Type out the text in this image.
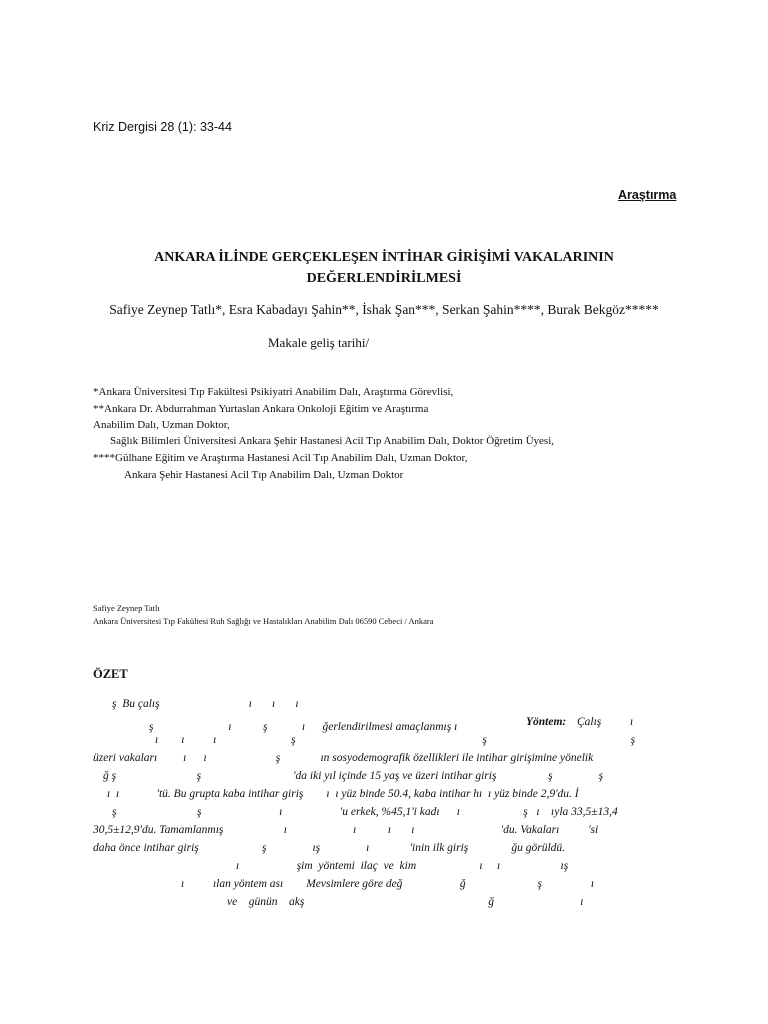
Kriz Dergisi 28 (1): 33-44
Araştırma
ANKARA İLİNDE GERÇEKLEŞEN İNTİHAR GİRİŞİMİ VAKALARININ
DEĞERLENDİRİLMESİ
Safiye Zeynep Tatlı*, Esra Kabadayı Şahin**, İshak Şan***, Serkan Şahin****, Burak Bekgöz*****
Makale geliş tarihi/
*Ankara Üniversitesi Tıp Fakültesi Psikiyatri Anabilim Dalı, Araştırma Görevlisi,
**Ankara Dr. Abdurrahman Yurtaslan Ankara Onkoloji Eğitim ve Araştırma
Anabilim Dalı, Uzman Doktor,
Sağlık Bilimleri Üniversitesi Ankara Şehir Hastanesi Acil Tıp Anabilim Dalı, Doktor Öğretim Üyesi,
****Gülhane Eğitim ve Araştırma Hastanesi Acil Tıp Anabilim Dalı, Uzman Doktor,
Ankara Şehir Hastanesi Acil Tıp Anabilim Dalı, Uzman Doktor
Safiye Zeynep Tatlı
Ankara Üniversitesi Tıp Fakültesi Ruh Sağlığı ve Hastalıkları Anabilim Dalı 06590 Cebeci / Ankara
ÖZET
ş  Bu çalış                               ı       ı       ı
ş                          ı           ş            ı      ğerlendirilmesi amaçlanmış ı	Yöntem: Çalış          ı
ı        ı          ı                          ş                                                                 ş                                                  ş
üzeri vakaları         ı      ı                        ş              ın sosyodemografik özellikleri ile intihar girişimine yönelik
ğ ş                            ş                                'da iki yıl içinde 15 yaş ve üzeri intihar giriş                  ş                ş
ı  ı             'tü. Bu grupta kaba intihar giriş        ı  ı yüz binde 50.4, kaba intihar hı  ı yüz binde 2,9'du. İ
ş                            ş                           ı                    'u erkek, %45,1'i kadı      ı                      ş   ı    ıyla 33,5±13,4
30,5±12,9'du. Tamamlanmış                     ı                       ı           ı       ı                              'du. Vakaları          'si
daha önce intihar giriş                      ş                ış                ı              'inin ilk giriş               ğu görüldü.
ı                    şim  yöntemi  ilaç  ve  kim                      ı     ı                     ış
ı          ılan yöntem ası        Mevsimlere göre değ                    ğ                         ş                 ı
ve    günün    akş                                                                ğ                              ı
